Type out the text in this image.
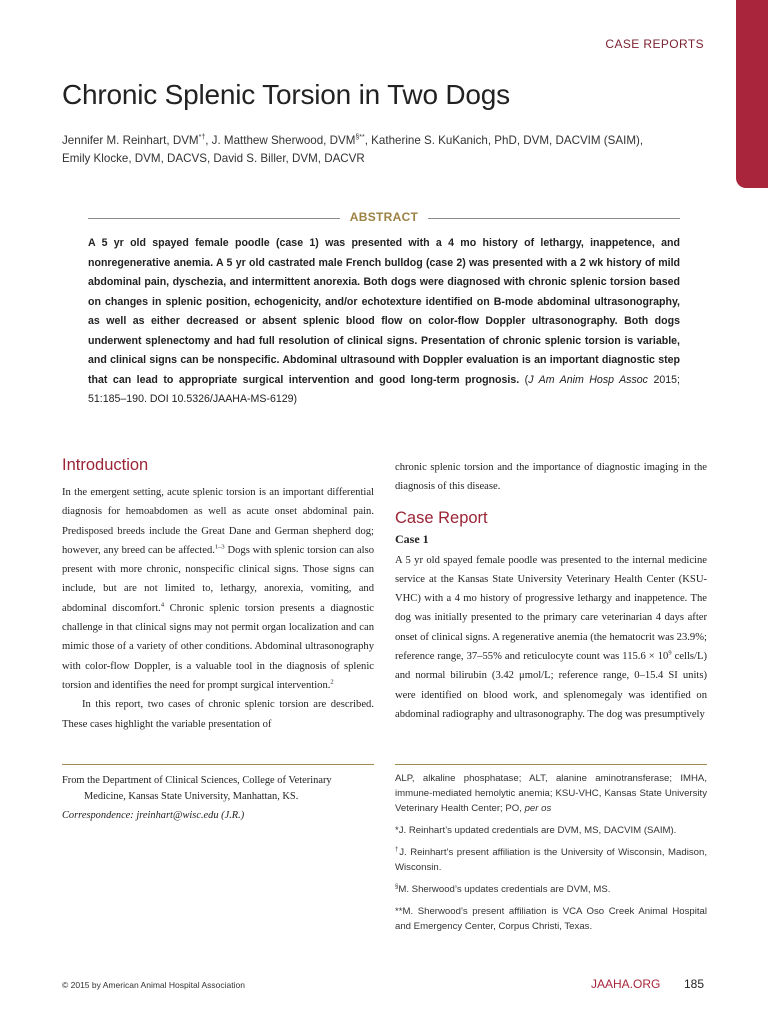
CASE REPORTS
Chronic Splenic Torsion in Two Dogs
Jennifer M. Reinhart, DVM*†, J. Matthew Sherwood, DVM§**, Katherine S. KuKanich, PhD, DVM, DACVIM (SAIM),
Emily Klocke, DVM, DACVS, David S. Biller, DVM, DACVR
ABSTRACT

A 5 yr old spayed female poodle (case 1) was presented with a 4 mo history of lethargy, inappetence, and nonregenerative anemia. A 5 yr old castrated male French bulldog (case 2) was presented with a 2 wk history of mild abdominal pain, dyschezia, and intermittent anorexia. Both dogs were diagnosed with chronic splenic torsion based on changes in splenic position, echogenicity, and/or echotexture identified on B-mode abdominal ultrasonography, as well as either decreased or absent splenic blood flow on color-flow Doppler ultrasonography. Both dogs underwent splenectomy and had full resolution of clinical signs. Presentation of chronic splenic torsion is variable, and clinical signs can be nonspecific. Abdominal ultrasound with Doppler evaluation is an important diagnostic step that can lead to appropriate surgical intervention and good long-term prognosis. (J Am Anim Hosp Assoc 2015; 51:185–190. DOI 10.5326/JAAHA-MS-6129)

Introduction

In the emergent setting, acute splenic torsion is an important differential diagnosis for hemoabdomen as well as acute onset abdominal pain. Predisposed breeds include the Great Dane and German shepherd dog; however, any breed can be affected.$^{1-3}$ Dogs with splenic torsion can also present with more chronic, nonspecific clinical signs. Those signs can include, but are not limited to, lethargy, anorexia, vomiting, and abdominal discomfort.$^4$ Chronic splenic torsion presents a diagnostic challenge in that clinical signs may not permit organ localization and can mimic those of a variety of other conditions. Abdominal ultrasonography with color-flow Doppler, is a valuable tool in the diagnosis of splenic torsion and identifies the need for prompt surgical intervention.$^2$

In this report, two cases of chronic splenic torsion are described. These cases highlight the variable presentation of

chronic splenic torsion and the importance of diagnostic imaging in the diagnosis of this disease.

Case Report
Case 1

A 5 yr old spayed female poodle was presented to the internal medicine service at the Kansas State University Veterinary Health Center (KSU-VHC) with a 4 mo history of progressive lethargy and inappetence. The dog was initially presented to the primary care veterinarian 4 days after onset of clinical signs. A regenerative anemia (the hematocrit was 23.9%; reference range, 37–55% and reticulocyte count was $115.6 \times 10^9$ cells/L) and normal bilirubin (3.42 μmol/L; reference range, 0–15.4 SI units) were identified on blood work, and splenomegaly was identified on abdominal radiography and ultrasonography. The dog was presumptively

From the Department of Clinical Sciences, College of Veterinary Medicine, Kansas State University, Manhattan, KS.

Correspondence: jreinhart@wisc.edu (J.R.)

ALP, alkaline phosphatase; ALT, alanine aminotransferase; IMHA, immune-mediated hemolytic anemia; KSU-VHC, Kansas State University Veterinary Health Center; PO, per os

*J. Reinhart’s updated credentials are DVM, MS, DACVIM (SAIM).

†J. Reinhart’s present affiliation is the University of Wisconsin, Madison, Wisconsin.

§M. Sherwood’s updates credentials are DVM, MS.

**M. Sherwood’s present affiliation is VCA Oso Creek Animal Hospital and Emergency Center, Corpus Christi, Texas.

© 2015 by American Animal Hospital Association	JAAHA.ORG 185
